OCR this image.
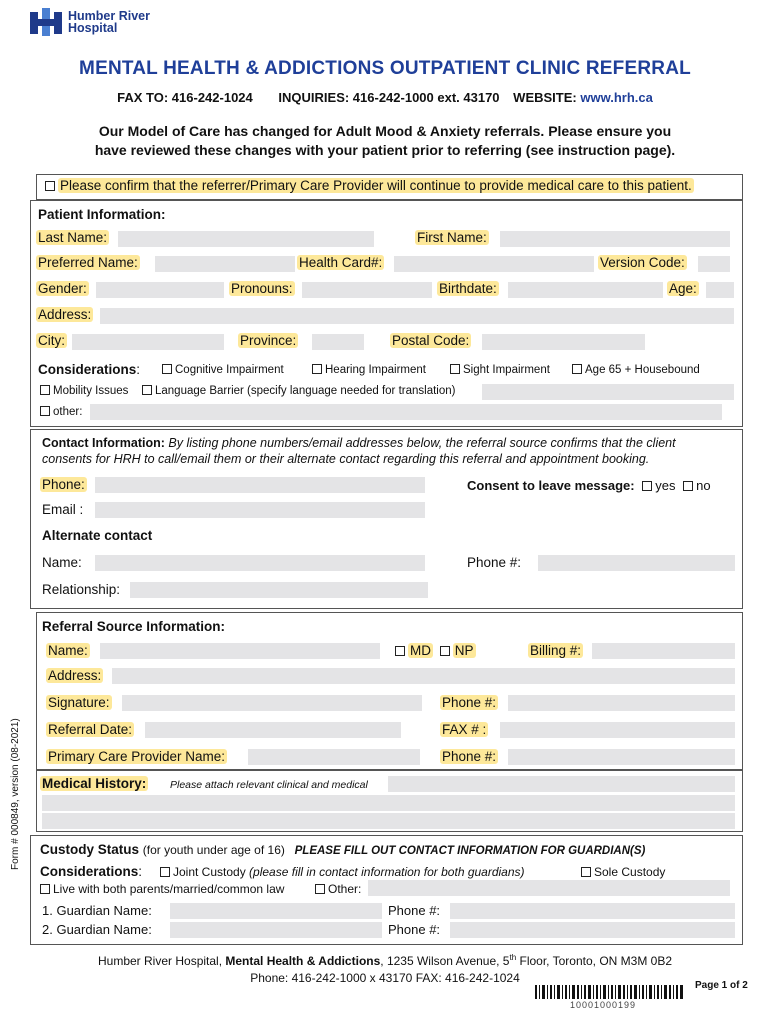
Humber River
Hospital
MENTAL HEALTH & ADDICTIONS OUTPATIENT CLINIC REFERRAL
FAX TO: 416-242-1024 INQUIRIES: 416-242-1000 ext. 43170 WEBSITE: www.hrh.ca
Our Model of Care has changed for Adult Mood & Anxiety referrals. Please ensure you
have reviewed these changes with your patient prior to referring (see instruction page).
Please confirm that the referrer/Primary Care Provider will continue to provide medical care to this patient.
Patient Information:
Last Name:	First Name:
Preferred Name:	Health Card#:	Version Code:
Gender:	Pronouns:	Birthdate:	Age:
Address:
City:	Province:	Postal Code:
Considerations:	Cognitive Impairment	Hearing Impairment	Sight Impairment	Age 65 + Housebound
Mobility Issues	Language Barrier (specify language needed for translation)
other:
Contact Information: By listing phone numbers/email addresses below, the referral source confirms that the client
consents for HRH to call/email them or their alternate contact regarding this referral and appointment booking.
Phone:	Consent to leave message: yes no
Email :
Alternate contact
Name:	Phone #:
Relationship:
Referral Source Information:
Name:	MD NP	Billing #:
Address:
Signature:	Phone #:
Referral Date:	FAX # :
Primary Care Provider Name:	Phone #:
Medical History: Please attach relevant clinical and medical
Custody Status (for youth under age of 16) PLEASE FILL OUT CONTACT INFORMATION FOR GUARDIAN(S)
Considerations:	Joint Custody (please fill in contact information for both guardians)	Sole Custody
Live with both parents/married/common law	Other:
1. Guardian Name:	Phone #:
2. Guardian Name:	Phone #:
Form # 000849, version (08-2021)
Humber River Hospital, Mental Health & Addictions, 1235 Wilson Avenue, 5th Floor, Toronto, ON M3M 0B2
Phone: 416-242-1000 x 43170 FAX: 416-242-1024
10001000199
Page 1 of 2
